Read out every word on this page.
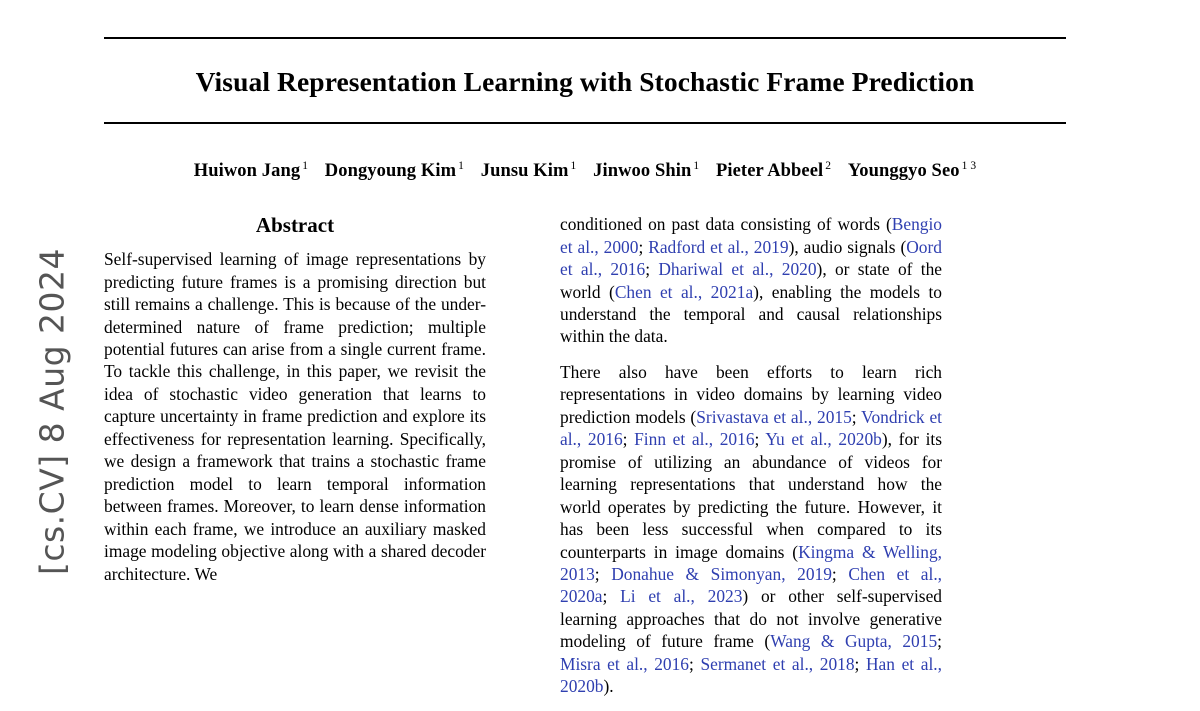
[cs.CV] 8 Aug 2024
Visual Representation Learning with Stochastic Frame Prediction
Huiwon Jang $^1$ Dongyoung Kim $^1$ Junsu Kim $^1$ Jinwoo Shin $^1$ Pieter Abbeel $^2$ Younggyo Seo $^{1 3}$
Abstract

Self-supervised learning of image representations by predicting future frames is a promising direction but still remains a challenge. This is because of the under-determined nature of frame prediction; multiple potential futures can arise from a single current frame. To tackle this challenge, in this paper, we revisit the idea of stochastic video generation that learns to capture uncertainty in frame prediction and explore its effectiveness for representation learning. Specifically, we design a framework that trains a stochastic frame prediction model to learn temporal information between frames. Moreover, to learn dense information within each frame, we introduce an auxiliary masked image modeling objective along with a shared decoder architecture. We

conditioned on past data consisting of words (Bengio et al., 2000; Radford et al., 2019), audio signals (Oord et al., 2016; Dhariwal et al., 2020), or state of the world (Chen et al., 2021a), enabling the models to understand the temporal and causal relationships within the data.

There also have been efforts to learn rich representations in video domains by learning video prediction models (Srivastava et al., 2015; Vondrick et al., 2016; Finn et al., 2016; Yu et al., 2020b), for its promise of utilizing an abundance of videos for learning representations that understand how the world operates by predicting the future. However, it has been less successful when compared to its counterparts in image domains (Kingma & Welling, 2013; Donahue & Simonyan, 2019; Chen et al., 2020a; Li et al., 2023) or other self-supervised learning approaches that do not involve generative modeling of future frame (Wang & Gupta, 2015; Misra et al., 2016; Sermanet et al., 2018; Han et al., 2020b).
